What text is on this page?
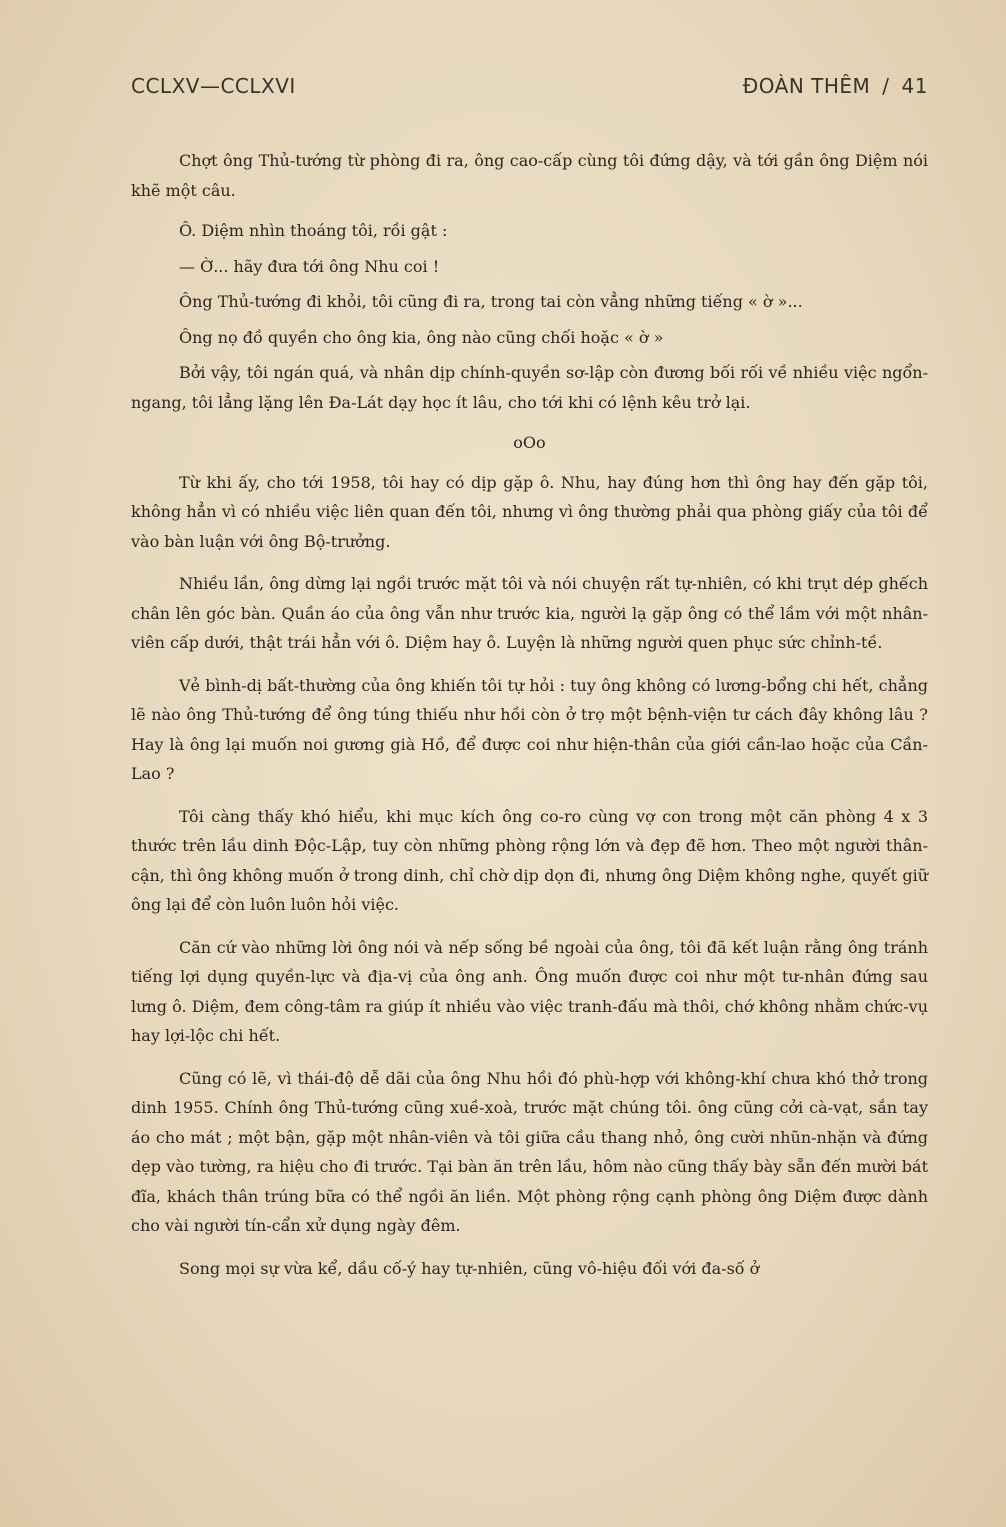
CCLXV—CCLXVI	ĐOÀN THÊM / 41

Chợt ông Thủ-tướng từ phòng đi ra, ông cao-cấp cùng tôi đứng dậy, và tới gần ông Diệm nói khẽ một câu.

Ô. Diệm nhìn thoáng tôi, rồi gật :

— Ờ... hãy đưa tới ông Nhu coi !

Ông Thủ-tướng đi khỏi, tôi cũng đi ra, trong tai còn vẳng những tiếng « ờ »...

Ông nọ đồ quyền cho ông kia, ông nào cũng chối hoặc « ờ »

Bởi vậy, tôi ngán quá, và nhân dịp chính-quyền sơ-lập còn đương bối rối về nhiều việc ngổn-ngang, tôi lẳng lặng lên Đa-Lát dạy học ít lâu, cho tới khi có lệnh kêu trở lại.

oOo

Từ khi ấy, cho tới 1958, tôi hay có dịp gặp ô. Nhu, hay đúng hơn thì ông hay đến gặp tôi, không hẳn vì có nhiều việc liên quan đến tôi, nhưng vì ông thường phải qua phòng giấy của tôi để vào bàn luận với ông Bộ-trưởng.

Nhiều lần, ông dừng lại ngồi trước mặt tôi và nói chuyện rất tự-nhiên, có khi trụt dép ghếch chân lên góc bàn. Quần áo của ông vẫn như trước kia, người lạ gặp ông có thể lầm với một nhân-viên cấp dưới, thật trái hẳn với ô. Diệm hay ô. Luyện là những người quen phục sức chỉnh-tề.

Vẻ bình-dị bất-thường của ông khiến tôi tự hỏi : tuy ông không có lương-bổng chi hết, chẳng lẽ nào ông Thủ-tướng để ông túng thiếu như hồi còn ở trọ một bệnh-viện tư cách đây không lâu ? Hay là ông lại muốn noi gương già Hồ, để được coi như hiện-thân của giới cần-lao hoặc của Cần-Lao ?

Tôi càng thấy khó hiểu, khi mục kích ông co-ro cùng vợ con trong một căn phòng 4 x 3 thước trên lầu dinh Độc-Lập, tuy còn những phòng rộng lớn và đẹp đẽ hơn. Theo một người thân-cận, thì ông không muốn ở trong dinh, chỉ chờ dịp dọn đi, nhưng ông Diệm không nghe, quyết giữ ông lại để còn luôn luôn hỏi việc.

Căn cứ vào những lời ông nói và nếp sống bề ngoài của ông, tôi đã kết luận rằng ông tránh tiếng lợi dụng quyền-lực và địa-vị của ông anh. Ông muốn được coi như một tư-nhân đứng sau lưng ô. Diệm, đem công-tâm ra giúp ít nhiều vào việc tranh-đấu mà thôi, chớ không nhằm chức-vụ hay lợi-lộc chi hết.

Cũng có lẽ, vì thái-độ dễ dãi của ông Nhu hồi đó phù-hợp với không-khí chưa khó thở trong dinh 1955. Chính ông Thủ-tướng cũng xuề-xoà, trước mặt chúng tôi. ông cũng cởi cà-vạt, sắn tay áo cho mát ; một bận, gặp một nhân-viên và tôi giữa cầu thang nhỏ, ông cười nhũn-nhặn và đứng dẹp vào tường, ra hiệu cho đi trước. Tại bàn ăn trên lầu, hôm nào cũng thấy bày sẵn đến mười bát đĩa, khách thân trúng bữa có thể ngồi ăn liền. Một phòng rộng cạnh phòng ông Diệm được dành cho vài người tín-cẩn xử dụng ngày đêm.

Song mọi sự vừa kể, dầu cố-ý hay tự-nhiên, cũng vô-hiệu đối với đa-số ở
